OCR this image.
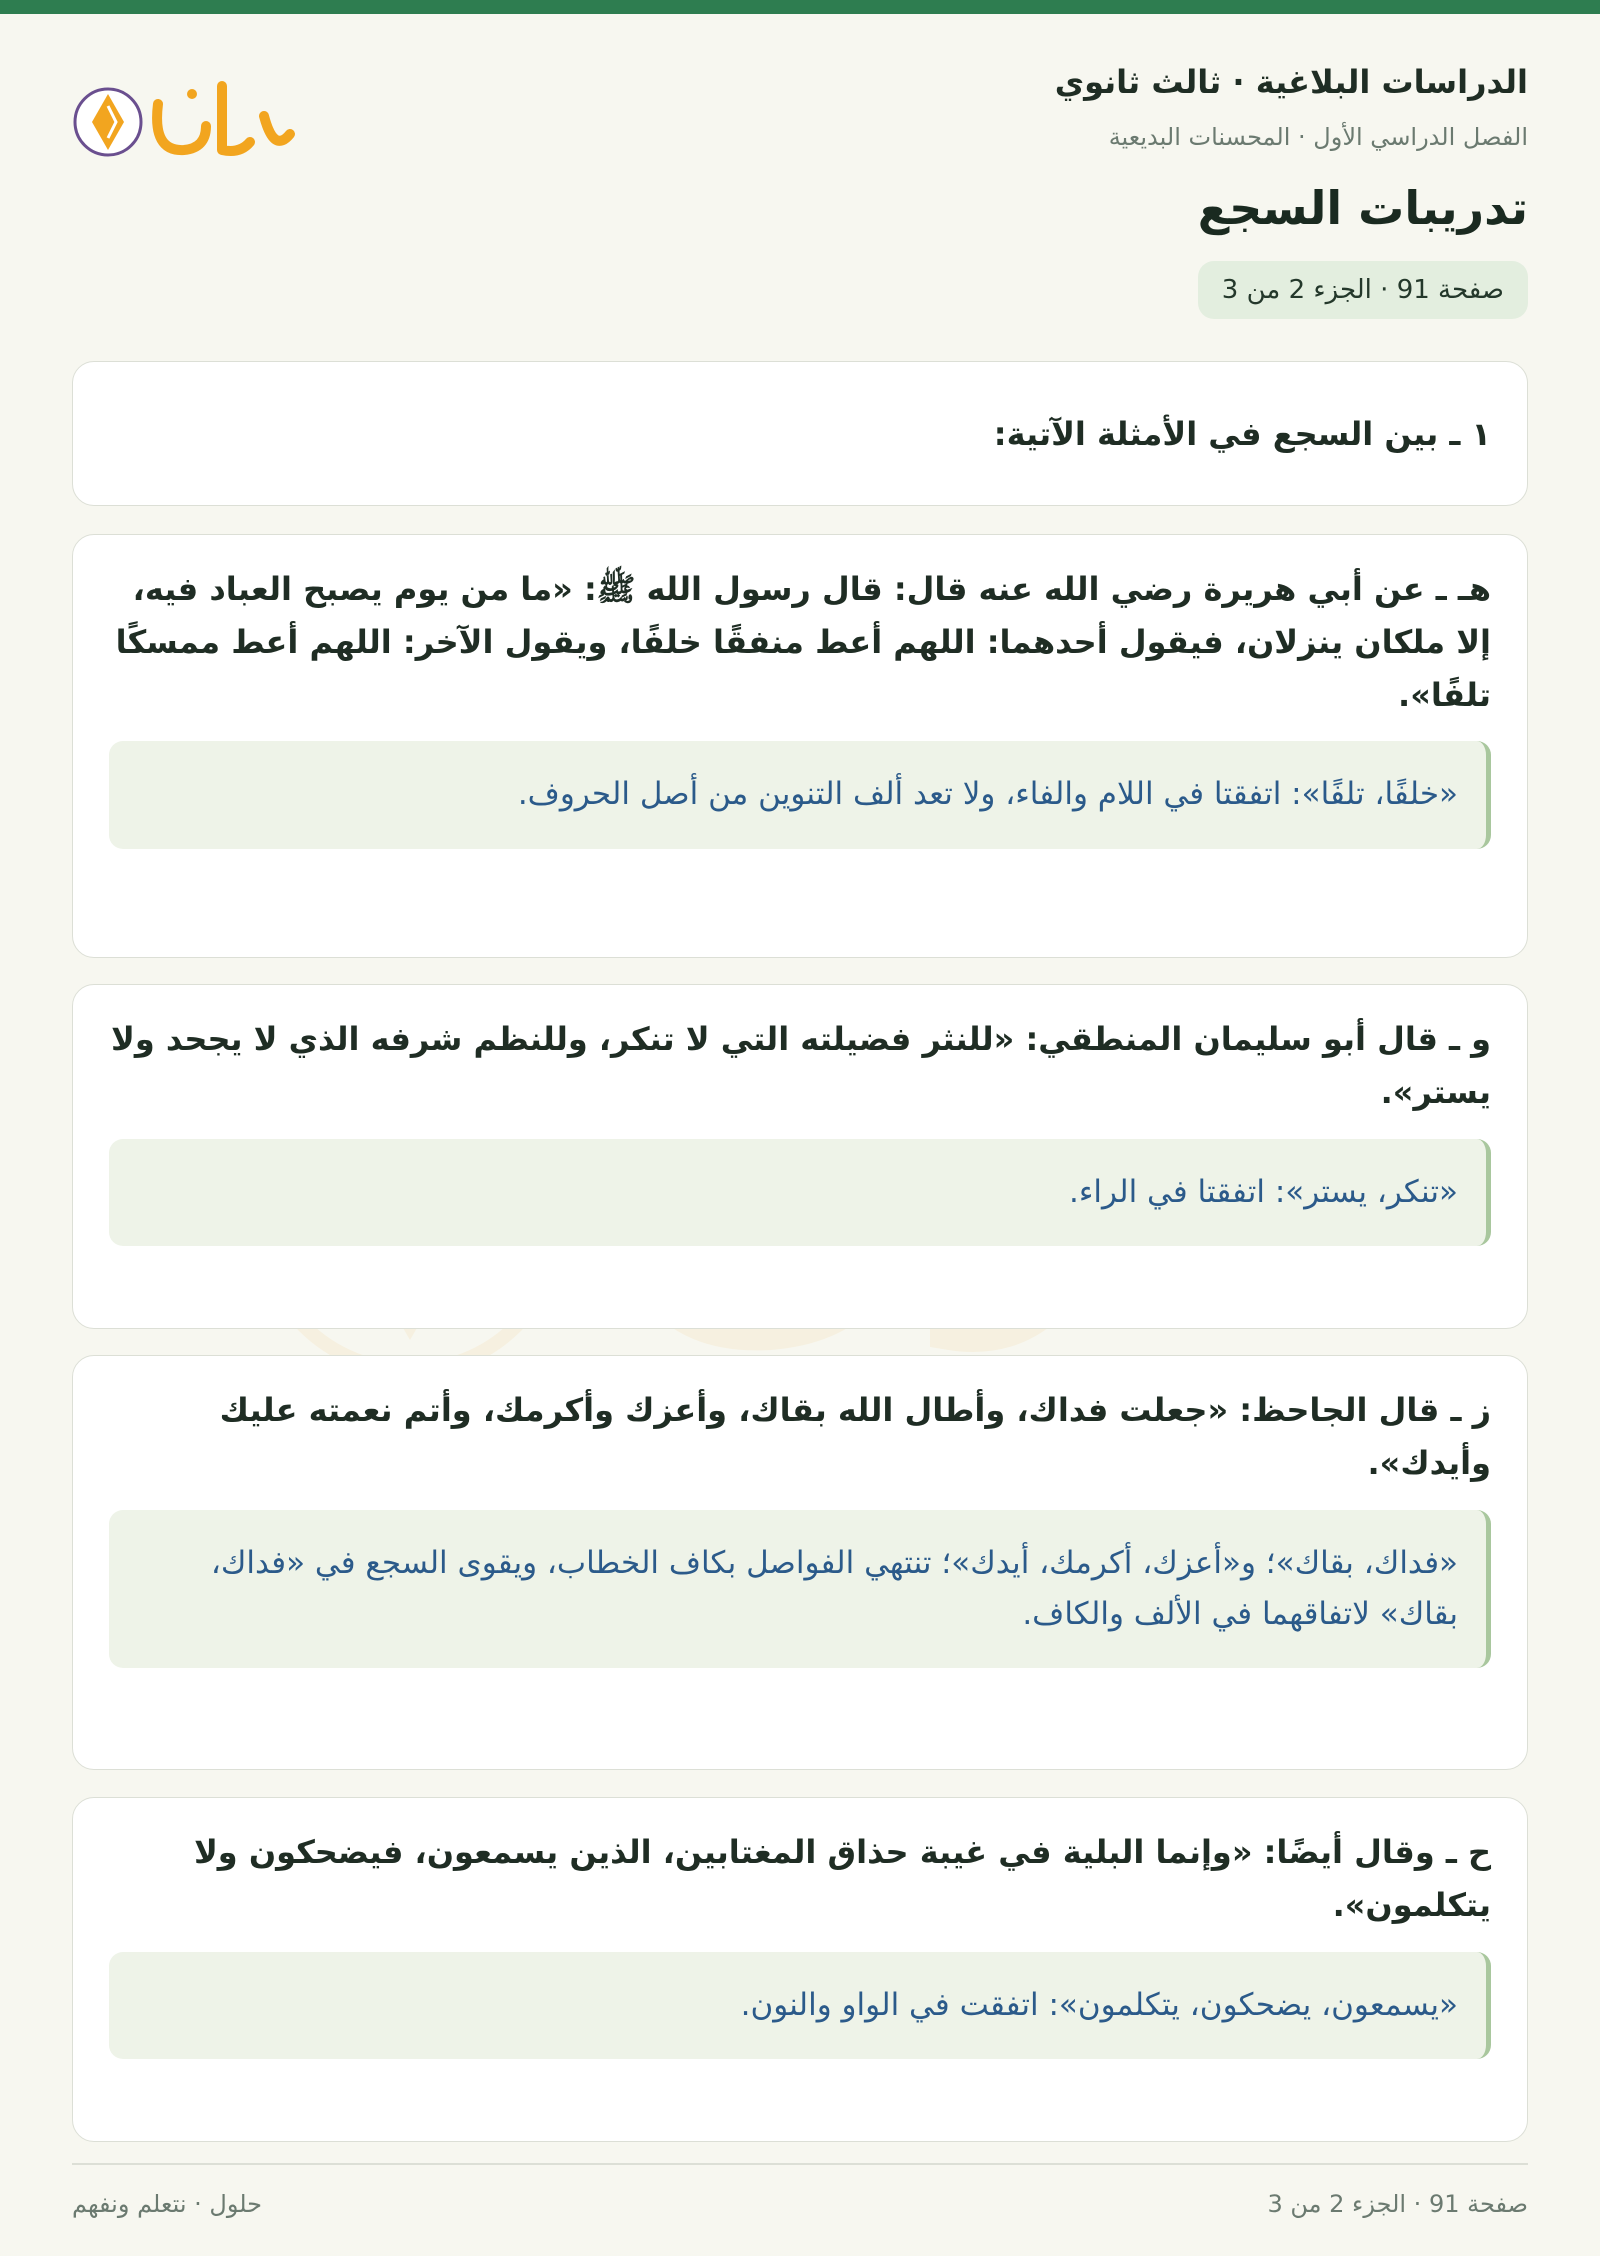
الدراسات البلاغية · ثالث ثانوي
الفصل الدراسي الأول · المحسنات البديعية
تدريبات السجع
صفحة 91 · الجزء 2 من 3

١ ـ بين السجع في الأمثلة الآتية:

هـ ـ عن أبي هريرة رضي الله عنه قال: قال رسول الله ﷺ: «ما من يوم يصبح العباد فيه، إلا ملكان ينزلان، فيقول أحدهما: اللهم أعط منفقًا خلفًا، ويقول الآخر: اللهم أعط ممسكًا تلفًا».

«خلفًا، تلفًا»: اتفقتا في اللام والفاء، ولا تعد ألف التنوين من أصل الحروف.

و ـ قال أبو سليمان المنطقي: «للنثر فضيلته التي لا تنكر، وللنظم شرفه الذي لا يجحد ولا يستر».

«تنكر، يستر»: اتفقتا في الراء.

ز ـ قال الجاحظ: «جعلت فداك، وأطال الله بقاك، وأعزك وأكرمك، وأتم نعمته عليك وأيدك».

«فداك، بقاك»؛ و«أعزك، أكرمك، أيدك»؛ تنتهي الفواصل بكاف الخطاب، ويقوى السجع في «فداك، بقاك» لاتفاقهما في الألف والكاف.

ح ـ وقال أيضًا: «وإنما البلية في غيبة حذاق المغتابين، الذين يسمعون، فيضحكون ولا يتكلمون».

«يسمعون، يضحكون، يتكلمون»: اتفقت في الواو والنون.
صفحة 91 · الجزء 2 من 3
حلول · نتعلم ونفهم
